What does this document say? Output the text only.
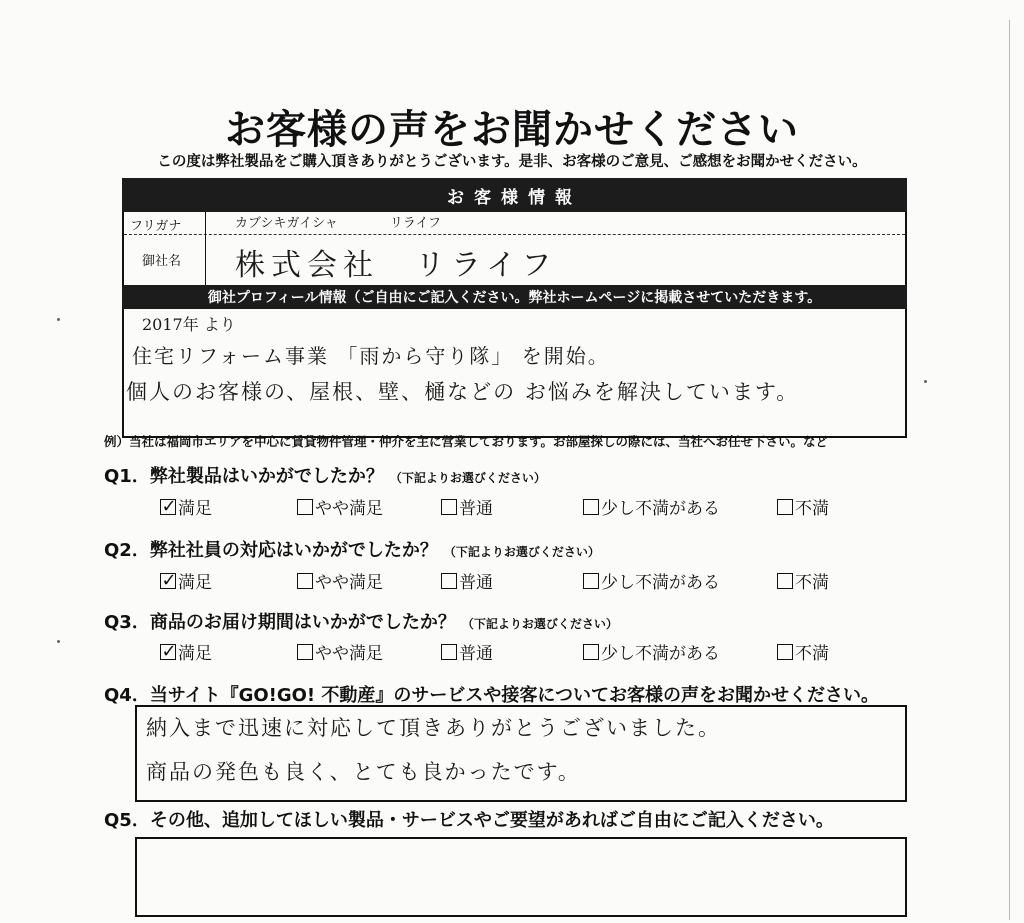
お客様の声をお聞かせください
この度は弊社製品をご購入頂きありがとうございます。是非、お客様のご意見、ご感想をお聞かせください。
お客様情報
フリガナ	カブシキガイシャ　　　　リライフ
御社名 株式会社　リライフ
御社プロフィール情報（ご自由にご記入ください。弊社ホームページに掲載させていただきます。
2017年 より
住宅リフォーム事業 「雨から守り隊」 を開始。
個人のお客様の、屋根、壁、樋などの お悩みを解決しています。
例）当社は福岡市エリアを中心に賃貸物件管理・仲介を主に営業しております。お部屋探しの際には、当社へお任せ下さい。など
Q1．弊社製品はいかがでしたか？ （下記よりお選びください）
✓ 満足	やや満足	普通	少し不満がある	不満
Q2．弊社社員の対応はいかがでしたか？ （下記よりお選びください）
✓ 満足	やや満足	普通	少し不満がある	不満
Q3．商品のお届け期間はいかがでしたか？ （下記よりお選びください）
✓ 満足	やや満足	普通	少し不満がある	不満
Q4．当サイト『GO!GO! 不動産』のサービスや接客についてお客様の声をお聞かせください。
納入まで迅速に対応して頂きありがとうございました。
商品の発色も良く、とても良かったです。
Q5．その他、追加してほしい製品・サービスやご要望があればご自由にご記入ください。
